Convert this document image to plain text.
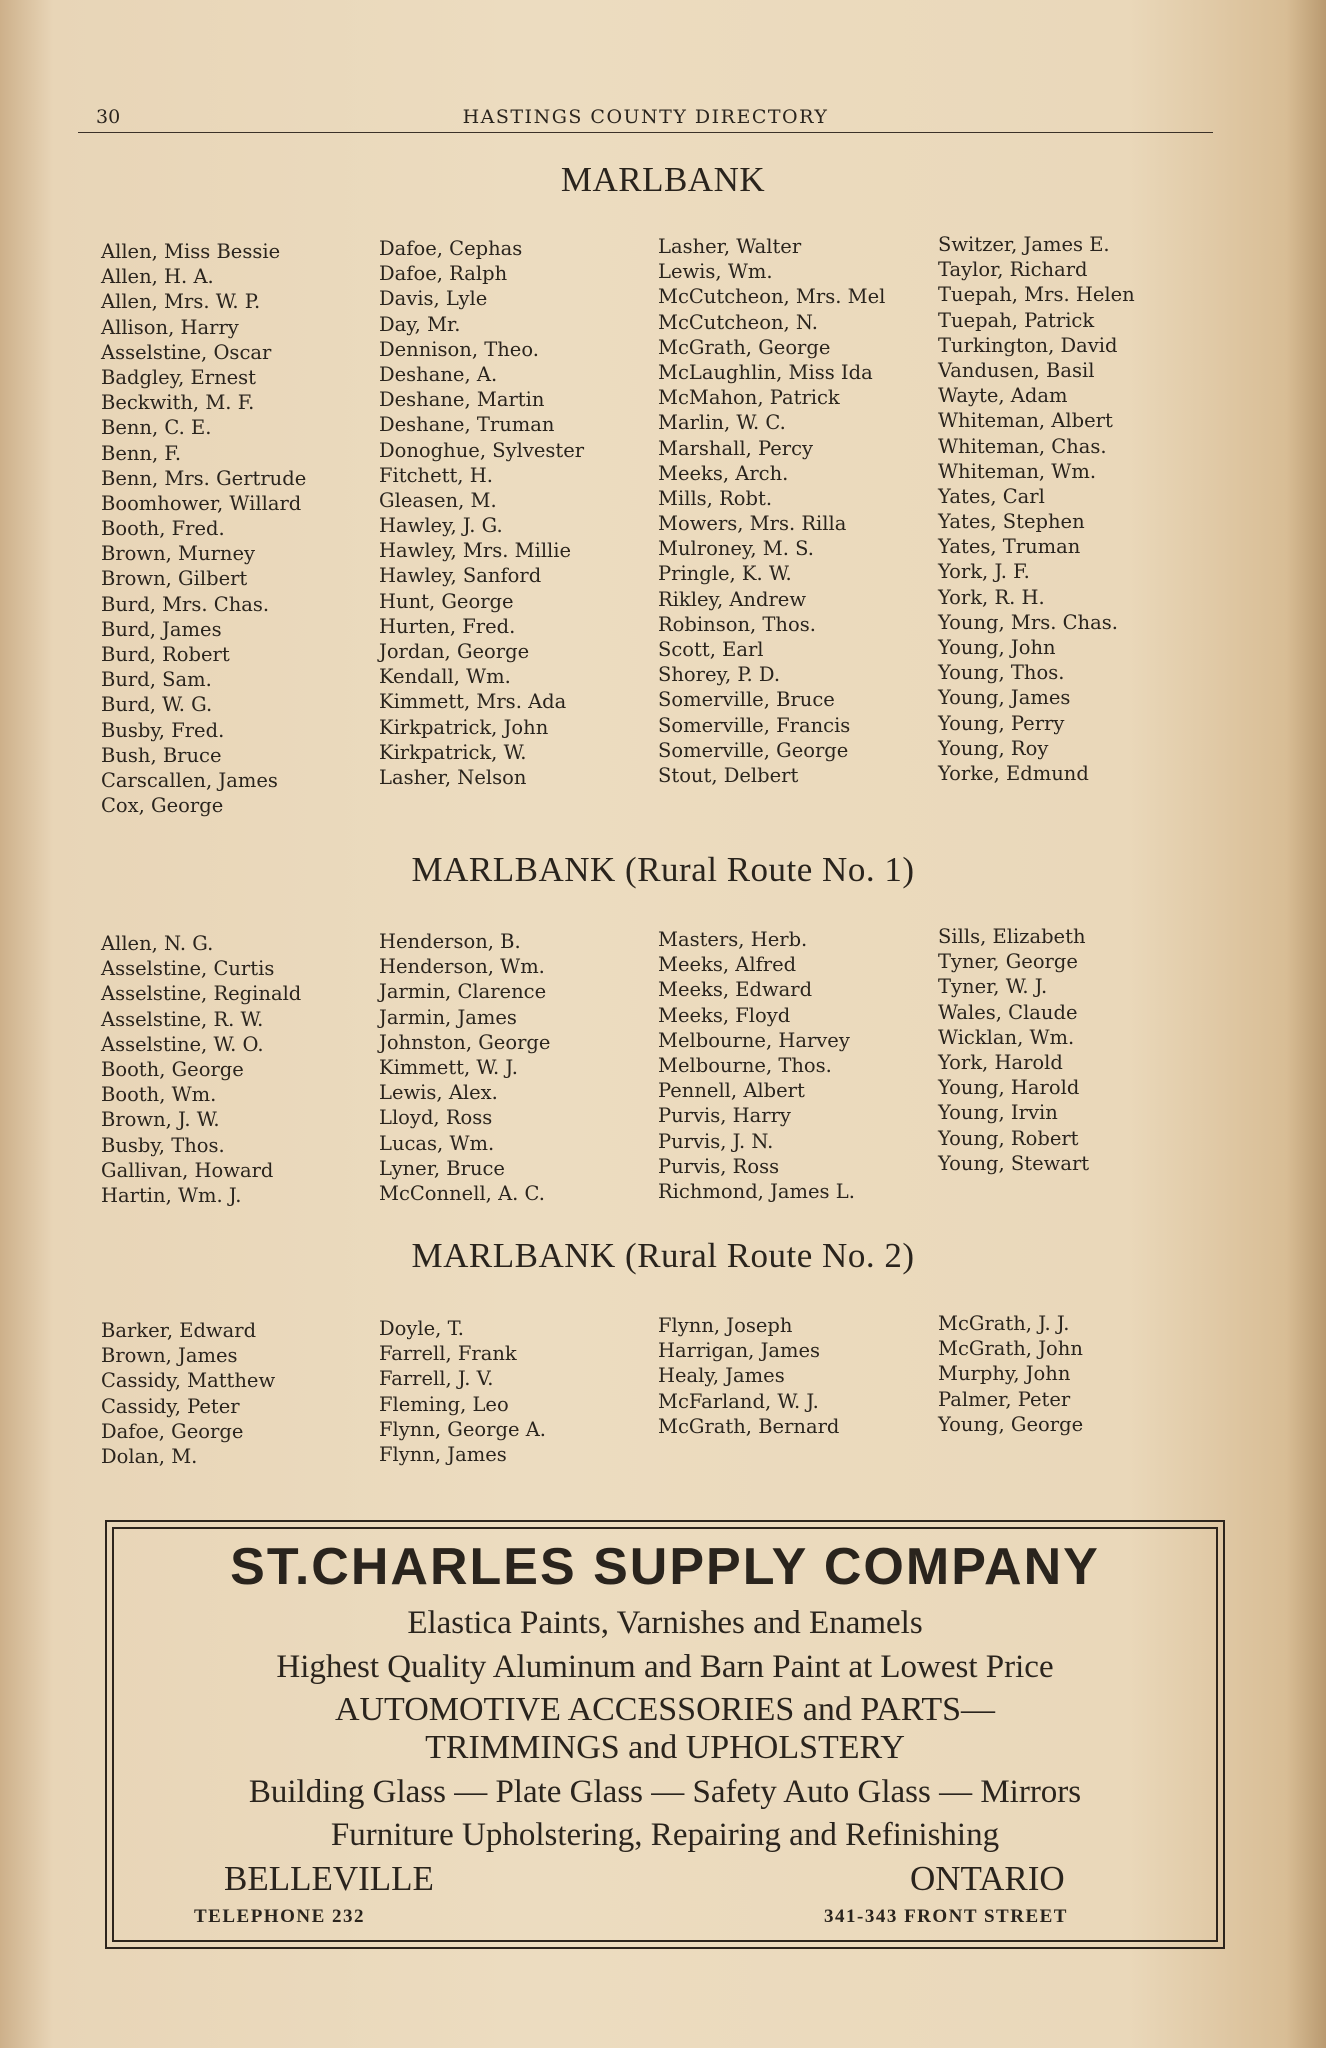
30	HASTINGS COUNTY DIRECTORY
MARLBANK
Allen, Miss Bessie
Allen, H. A.
Allen, Mrs. W. P.
Allison, Harry
Asselstine, Oscar
Badgley, Ernest
Beckwith, M. F.
Benn, C. E.
Benn, F.
Benn, Mrs. Gertrude
Boomhower, Willard
Booth, Fred.
Brown, Murney
Brown, Gilbert
Burd, Mrs. Chas.
Burd, James
Burd, Robert
Burd, Sam.
Burd, W. G.
Busby, Fred.
Bush, Bruce
Carscallen, James
Cox, George
Dafoe, Cephas
Dafoe, Ralph
Davis, Lyle
Day, Mr.
Dennison, Theo.
Deshane, A.
Deshane, Martin
Deshane, Truman
Donoghue, Sylvester
Fitchett, H.
Gleasen, M.
Hawley, J. G.
Hawley, Mrs. Millie
Hawley, Sanford
Hunt, George
Hurten, Fred.
Jordan, George
Kendall, Wm.
Kimmett, Mrs. Ada
Kirkpatrick, John
Kirkpatrick, W.
Lasher, Nelson
Lasher, Walter
Lewis, Wm.
McCutcheon, Mrs. Mel
McCutcheon, N.
McGrath, George
McLaughlin, Miss Ida
McMahon, Patrick
Marlin, W. C.
Marshall, Percy
Meeks, Arch.
Mills, Robt.
Mowers, Mrs. Rilla
Mulroney, M. S.
Pringle, K. W.
Rikley, Andrew
Robinson, Thos.
Scott, Earl
Shorey, P. D.
Somerville, Bruce
Somerville, Francis
Somerville, George
Stout, Delbert
Switzer, James E.
Taylor, Richard
Tuepah, Mrs. Helen
Tuepah, Patrick
Turkington, David
Vandusen, Basil
Wayte, Adam
Whiteman, Albert
Whiteman, Chas.
Whiteman, Wm.
Yates, Carl
Yates, Stephen
Yates, Truman
York, J. F.
York, R. H.
Young, Mrs. Chas.
Young, John
Young, Thos.
Young, James
Young, Perry
Young, Roy
Yorke, Edmund
MARLBANK (Rural Route No. 1)
Allen, N. G.
Asselstine, Curtis
Asselstine, Reginald
Asselstine, R. W.
Asselstine, W. O.
Booth, George
Booth, Wm.
Brown, J. W.
Busby, Thos.
Gallivan, Howard
Hartin, Wm. J.
Henderson, B.
Henderson, Wm.
Jarmin, Clarence
Jarmin, James
Johnston, George
Kimmett, W. J.
Lewis, Alex.
Lloyd, Ross
Lucas, Wm.
Lyner, Bruce
McConnell, A. C.
Masters, Herb.
Meeks, Alfred
Meeks, Edward
Meeks, Floyd
Melbourne, Harvey
Melbourne, Thos.
Pennell, Albert
Purvis, Harry
Purvis, J. N.
Purvis, Ross
Richmond, James L.
Sills, Elizabeth
Tyner, George
Tyner, W. J.
Wales, Claude
Wicklan, Wm.
York, Harold
Young, Harold
Young, Irvin
Young, Robert
Young, Stewart
MARLBANK (Rural Route No. 2)
Barker, Edward
Brown, James
Cassidy, Matthew
Cassidy, Peter
Dafoe, George
Dolan, M.
Doyle, T.
Farrell, Frank
Farrell, J. V.
Fleming, Leo
Flynn, George A.
Flynn, James
Flynn, Joseph
Harrigan, James
Healy, James
McFarland, W. J.
McGrath, Bernard
McGrath, J. J.
McGrath, John
Murphy, John
Palmer, Peter
Young, George
ST.CHARLES SUPPLY COMPANY
Elastica Paints, Varnishes and Enamels
Highest Quality Aluminum and Barn Paint at Lowest Price
AUTOMOTIVE ACCESSORIES and PARTS—
TRIMMINGS and UPHOLSTERY
Building Glass — Plate Glass — Safety Auto Glass — Mirrors
Furniture Upholstering, Repairing and Refinishing
BELLEVILLE	ONTARIO
TELEPHONE 232	341-343 FRONT STREET
